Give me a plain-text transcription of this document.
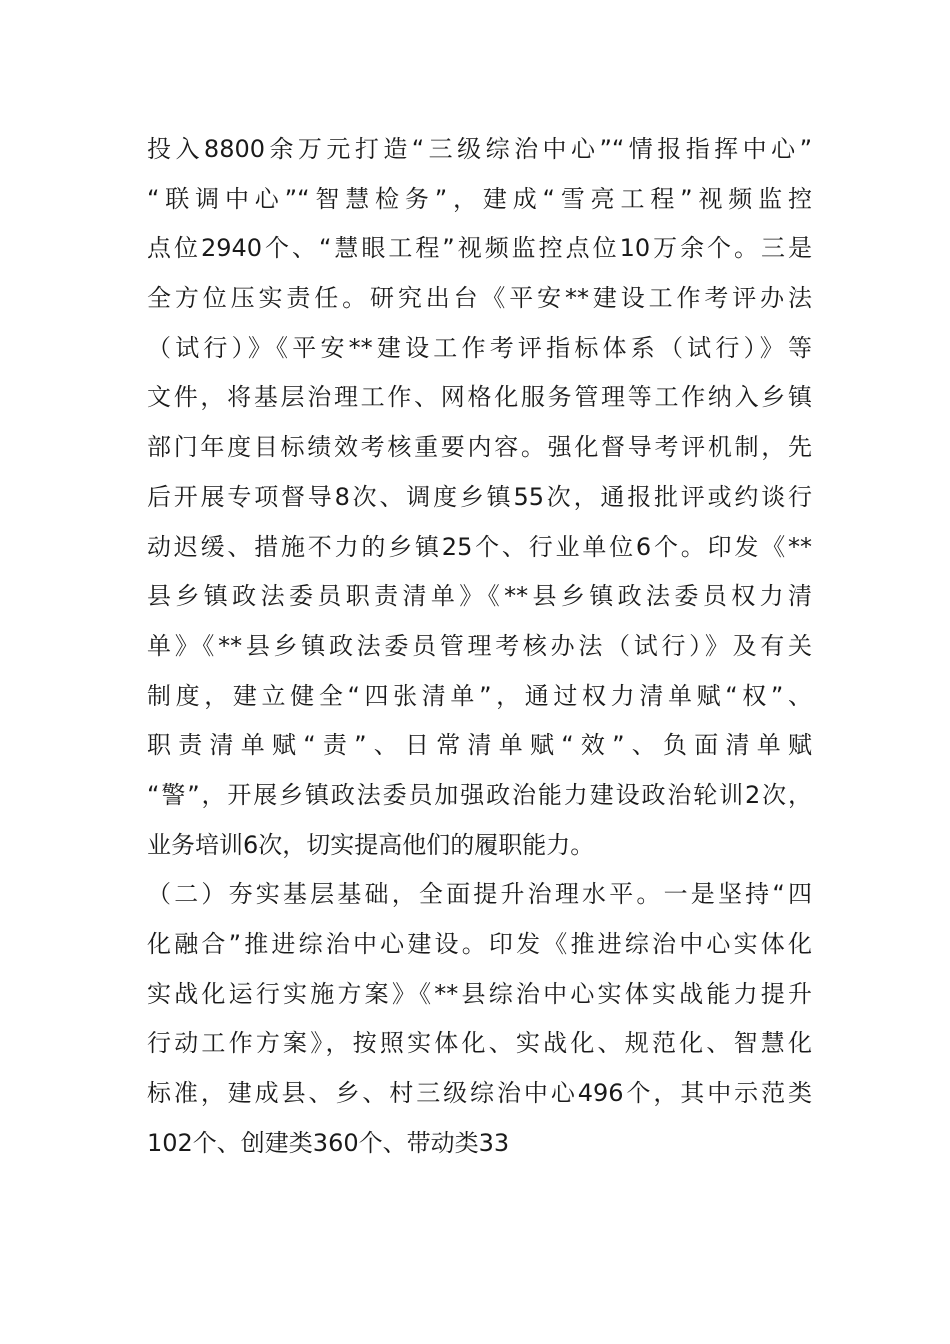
投入8800余万元打造“三级综治中心”“情报指挥中心”
“联调中心”“智慧检务”，建成“雪亮工程”视频监控
点位2940个、“慧眼工程”视频监控点位10万余个。三是
全方位压实责任。研究出台《平安**建设工作考评办法
（试行）》《平安**建设工作考评指标体系（试行）》等
文件，将基层治理工作、网格化服务管理等工作纳入乡镇
部门年度目标绩效考核重要内容。强化督导考评机制，先
后开展专项督导8次、调度乡镇55次，通报批评或约谈行
动迟缓、措施不力的乡镇25个、行业单位6个。印发《**
县乡镇政法委员职责清单》《**县乡镇政法委员权力清
单》《**县乡镇政法委员管理考核办法（试行）》及有关
制度，建立健全“四张清单”，通过权力清单赋“权”、
职责清单赋“责”、日常清单赋“效”、负面清单赋
“警”，开展乡镇政法委员加强政治能力建设政治轮训2次，
业务培训6次，切实提高他们的履职能力。
（二）夯实基层基础，全面提升治理水平。一是坚持“四
化融合”推进综治中心建设。印发《推进综治中心实体化
实战化运行实施方案》《**县综治中心实体实战能力提升
行动工作方案》，按照实体化、实战化、规范化、智慧化
标准，建成县、乡、村三级综治中心496个，其中示范类
102个、创建类360个、带动类33
